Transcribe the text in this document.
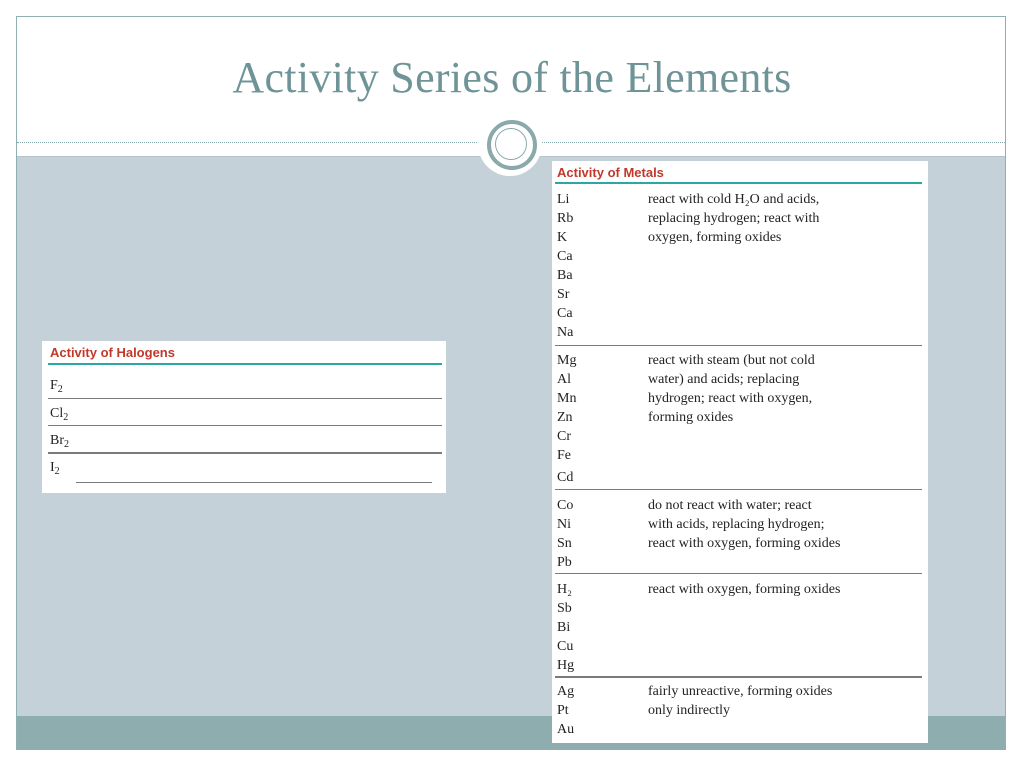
Activity Series of the Elements
Activity of Halogens
$F_2$
$Cl_2$
$Br_2$
$I_2$
Activity of Metals
Li
Rb
K
Ca
Ba
Sr
Ca
Na
react with cold H₂O and acids,
replacing hydrogen; react with
oxygen, forming oxides
Mg
Al
Mn
Zn
Cr
Fe
Cd
react with steam (but not cold
water) and acids; replacing
hydrogen; react with oxygen,
forming oxides
Co
Ni
Sn
Pb
do not react with water; react
with acids, replacing hydrogen;
react with oxygen, forming oxides
H₂
Sb
Bi
Cu
Hg
react with oxygen, forming oxides
Ag
Pt
Au
fairly unreactive, forming oxides
only indirectly
